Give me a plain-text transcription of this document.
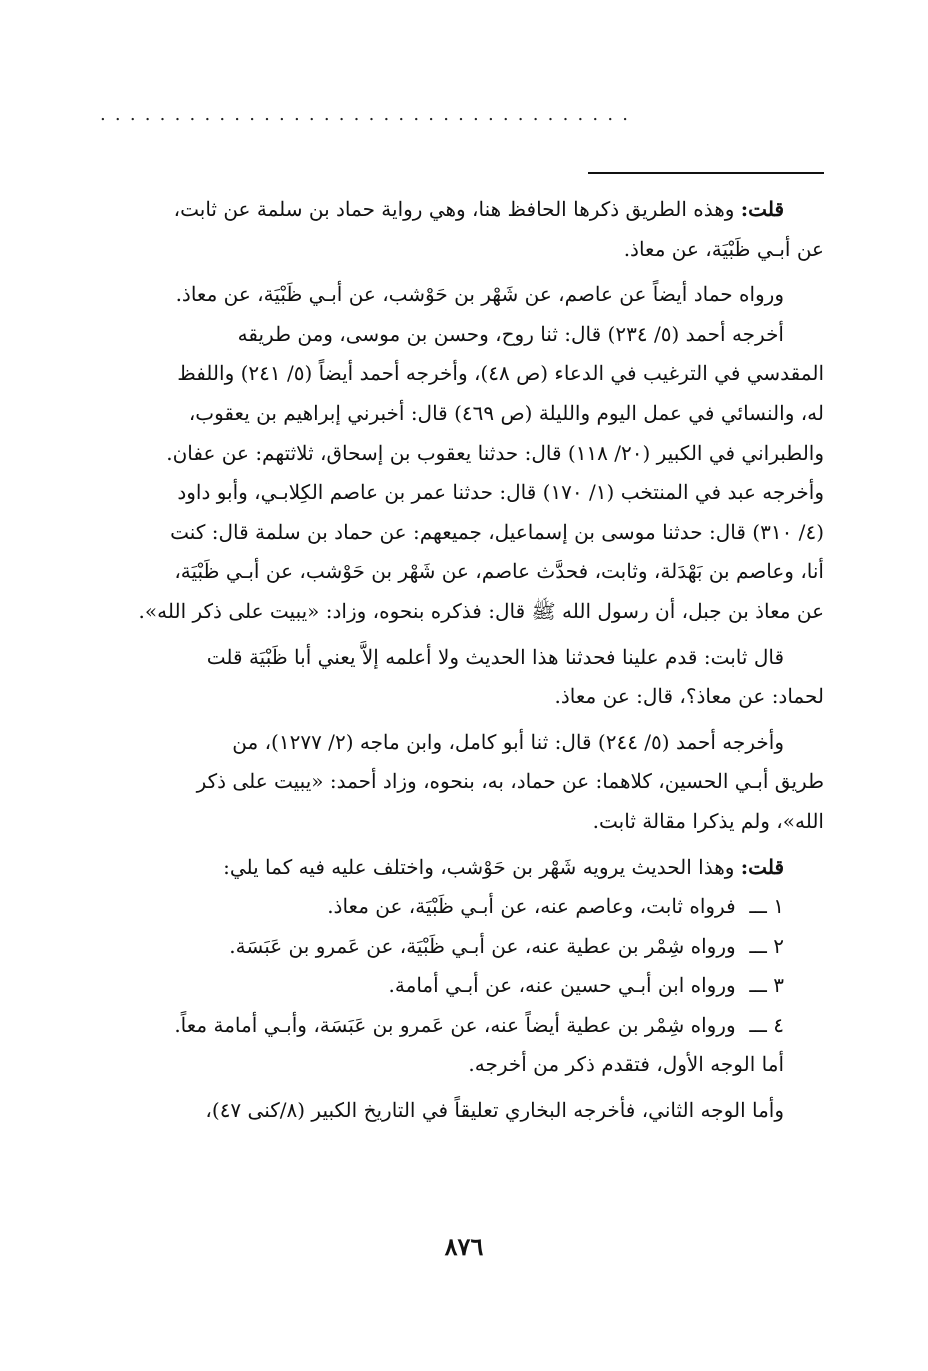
....................................

قلت: وهذه الطريق ذكرها الحافظ هنا، وهي رواية حماد بن سلمة عن ثابت،

عن أبـي ظَبْيَة، عن معاذ.

ورواه حماد أيضاً عن عاصم، عن شَهْر بن حَوْشب، عن أبـي ظَبْيَة، عن معاذ.

أخرجه أحمد (٥/ ٢٣٤) قال: ثنا روح، وحسن بن موسى، ومن طريقه

المقدسي في الترغيب في الدعاء (ص ٤٨)، وأخرجه أحمد أيضاً (٥/ ٢٤١) واللفظ

له، والنسائي في عمل اليوم والليلة (ص ٤٦٩) قال: أخبرني إبراهيم بن يعقوب،

والطبراني في الكبير (٢٠/ ١١٨) قال: حدثنا يعقوب بن إسحاق، ثلاثتهم: عن عفان.

وأخرجه عبد في المنتخب (١/ ١٧٠) قال: حدثنا عمر بن عاصم الكِلابـي، وأبو داود

(٤/ ٣١٠) قال: حدثنا موسى بن إسماعيل، جميعهم: عن حماد بن سلمة قال: كنت

أنا، وعاصم بن بَهْدَلة، وثابت، فحدَّث عاصم، عن شَهْر بن حَوْشب، عن أبـي ظَبْيَة،

عن معاذ بن جبل، أن رسول الله ﷺ قال: فذكره بنحوه، وزاد: «يبيت على ذكر الله».

قال ثابت: قدم علينا فحدثنا هذا الحديث ولا أعلمه إلاَّ يعني أبا ظَبْيَة قلت

لحماد: عن معاذ؟، قال: عن معاذ.

وأخرجه أحمد (٥/ ٢٤٤) قال: ثنا أبو كامل، وابن ماجه (٢/ ١٢٧٧)، من

طريق أبـي الحسين، كلاهما: عن حماد، به، بنحوه، وزاد أحمد: «يبيت على ذكر

الله»، ولم يذكرا مقالة ثابت.

قلت: وهذا الحديث يرويه شَهْر بن حَوْشب، واختلف عليه فيه كما يلي:

١ ـــ فرواه ثابت، وعاصم عنه، عن أبـي ظَبْيَة، عن معاذ.

٢ ـــ ورواه شِمْر بن عطية عنه، عن أبـي ظَبْيَة، عن عَمرو بن عَبَسَة.

٣ ـــ ورواه ابن أبـي حسين عنه، عن أبـي أمامة.

٤ ـــ ورواه شِمْر بن عطية أيضاً عنه، عن عَمرو بن عَبَسَة، وأبـي أمامة معاً.

أما الوجه الأول، فتقدم ذكر من أخرجه.

وأما الوجه الثاني، فأخرجه البخاري تعليقاً في التاريخ الكبير (٨/كنى ٤٧)،

٨٧٦
